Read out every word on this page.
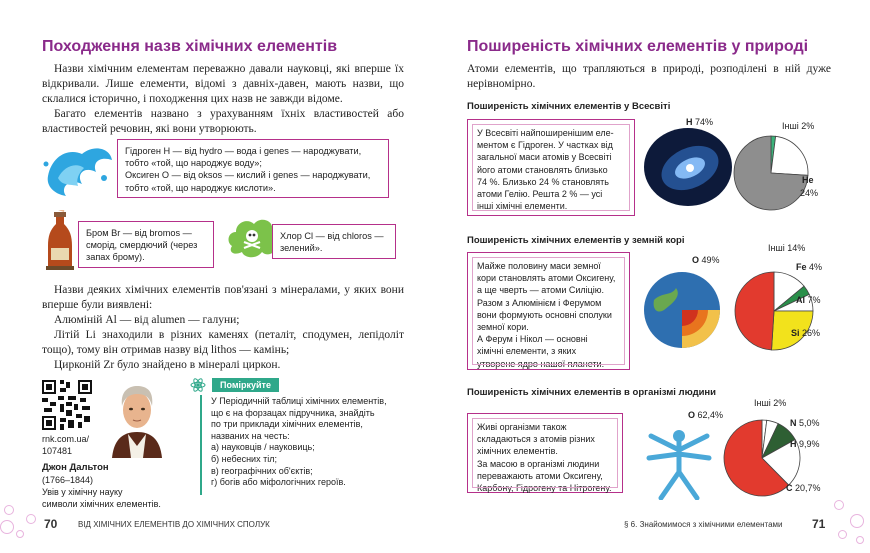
Походження назв хімічних елементів
Назви хімічним елементам переважно давали науковці, які вперше їх відкривали. Лише елементи, відомі з давніх-давен, мають назви, що склалися історично, і походження цих назв не завжди відоме.
Багато елементів названо з урахуванням їхніх властивостей або властивостей речовин, які вони утворюють.
Гідроген H — від hydro — вода і genes — народжувати,
тобто «той, що народжує воду»;
Оксиген O — від oksos — кислий і genes — народжувати,
тобто «той, що народжує кислоти».
Бром Br — від bromos —
сморід, смердючий (через
запах брому).
Хлор Cl — від chloros —
зелений».
Назви деяких хімічних елементів пов'язані з мінералами, у яких вони вперше були виявлені:
Алюміній Al — від alumen — галуни;
Літій Li знаходили в різних каменях (петаліт, сподумен, лепідоліт тощо), тому він отримав назву від lithos — камінь;
Цирконій Zr було знайдено в мінералі циркон.
rnk.com.ua/
107481
Джон Дальтон
(1766–1844)
Увів у хімічну науку
символи хімічних елементів.
Поміркуйте
У Періодичній таблиці хімічних елементів,
що є на форзацах підручника, знайдіть
по три приклади хімічних елементів,
названих на честь:
а) науковців / науковиць;
б) небесних тіл;
в) географічних об'єктів;
г) богів або міфологічних героїв.
70	ВІД ХІМІЧНИХ ЕЛЕМЕНТІВ ДО ХІМІЧНИХ СПОЛУК
Поширеність хімічних елементів у природі
Атоми елементів, що трапляються в природі, розподілені в ній дуже нерівномірно.
Поширеність хімічних елементів у Всесвіті
У Всесвіті найпоширенішим еле-
ментом є Гідроген. У частках від
загальної маси атомів у Всесвіті
його атоми становлять близько
74 %. Близько 24 % становлять
атоми Гелію. Решта 2 % — усі
інші хімічні елементи.
H 74%	Інші 2%
He
24%
Поширеність хімічних елементів у земній корі
Майже половину маси земної
кори становлять атоми Оксигену,
а ще чверть — атоми Силіцію.
Разом з Алюмінієм і Ферумом
вони формують основні сполуки
земної кори.
А Ферум і Нікол — основні
хімічні елементи, з яких
утворене ядро нашої планети.
O 49%
Інші 14%
Fe 4%
Al 7%
Si 26%
Поширеність хімічних елементів в організмі людини
Живі організми також
складаються з атомів різних
хімічних елементів.
За масою в організмі людини
переважають атоми Оксигену,
Карбону, Гідрогену та Нітрогену.
O 62,4%
Інші 2%
N 5,0%
H 9,9%
C 20,7%
§ 6. Знайомимося з хімічними елементами 71
